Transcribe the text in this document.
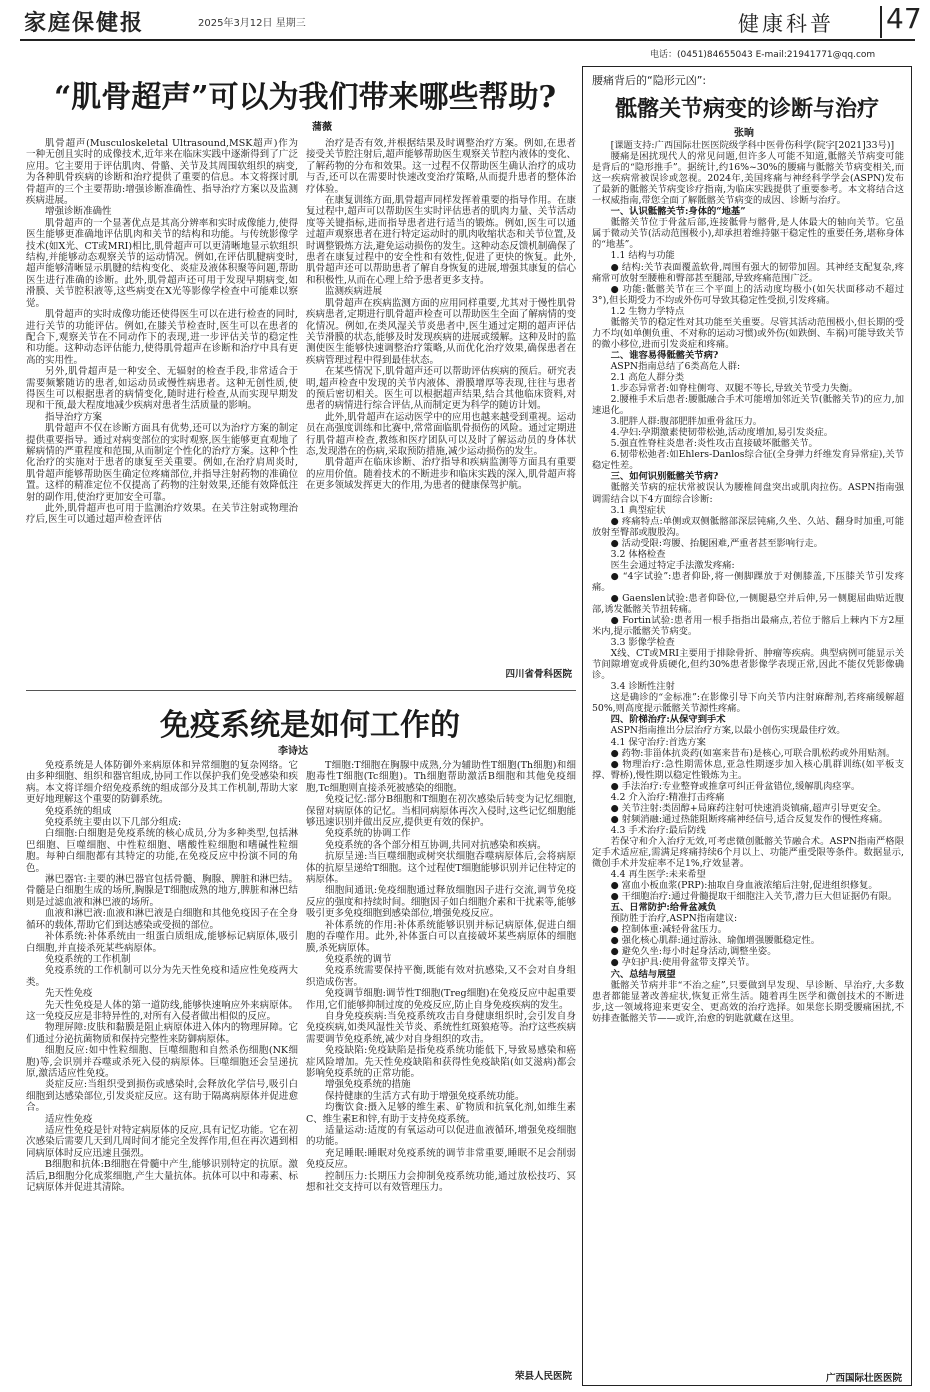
家庭保健报	2025年3月12日 星期三	健康科普 47
电话：(0451)84655043 E-mail:21941771@qq.com
“肌骨超声”可以为我们带来哪些帮助?
蒲薇

肌骨超声(Musculoskeletal Ultrasound,MSK超声)作为一种无创且实时的成像技术,近年来在临床实践中逐渐得到了广泛应用。它主要用于评估肌肉、骨骼、关节及其周围软组织的病变,为各种肌骨疾病的诊断和治疗提供了重要的信息。本文将探讨肌骨超声的三个主要帮助:增强诊断准确性、指导治疗方案以及监测疾病进展。

增强诊断准确性

肌骨超声的一个显著优点是其高分辨率和实时成像能力,使得医生能够更准确地评估肌肉和关节的结构和功能。与传统影像学技术(如X光、CT或MRI)相比,肌骨超声可以更清晰地显示软组织结构,并能够动态观察关节的运动情况。例如,在评估肌腱病变时,超声能够清晰显示肌腱的结构变化、炎症及液体积聚等问题,帮助医生进行准确的诊断。此外,肌骨超声还可用于发现早期病变,如滑膜、关节腔积液等,这些病变在X光等影像学检查中可能难以察觉。

肌骨超声的实时成像功能还使得医生可以在进行检查的同时,进行关节的功能评估。例如,在膝关节检查时,医生可以在患者的配合下,观察关节在不同动作下的表现,进一步评估关节的稳定性和功能。这种动态评估能力,使得肌骨超声在诊断和治疗中具有更高的实用性。

另外,肌骨超声是一种安全、无辐射的检查手段,非常适合于需要频繁随访的患者,如运动员或慢性病患者。这种无创性质,使得医生可以根据患者的病情变化,随时进行检查,从而实现早期发现和干预,最大程度地减少疾病对患者生活质量的影响。

指导治疗方案

肌骨超声不仅在诊断方面具有优势,还可以为治疗方案的制定提供重要指导。通过对病变部位的实时观察,医生能够更直观地了解病情的严重程度和范围,从而制定个性化的治疗方案。这种个性化治疗的实施对于患者的康复至关重要。例如,在治疗肩周炎时,肌骨超声能够帮助医生确定位疼痛部位,并指导注射药物的准确位置。这样的精准定位不仅提高了药物的注射效果,还能有效降低注射的副作用,使治疗更加安全可靠。

此外,肌骨超声也可用于监测治疗效果。在关节注射或物理治疗后,医生可以通过超声检查评估

治疗是否有效,并根据结果及时调整治疗方案。例如,在患者接受关节腔注射后,超声能够帮助医生观察关节腔内液体的变化、了解药物的分布和效果。这一过程不仅帮助医生确认治疗的成功与否,还可以在需要时快速改变治疗策略,从而提升患者的整体治疗体验。

在康复训练方面,肌骨超声同样发挥着重要的指导作用。在康复过程中,超声可以帮助医生实时评估患者的肌肉力量、关节活动度等关键指标,进而指导患者进行适当的锻炼。例如,医生可以通过超声观察患者在进行特定运动时的肌肉收缩状态和关节位置,及时调整锻炼方法,避免运动损伤的发生。这种动态反馈机制确保了患者在康复过程中的安全性和有效性,促进了更快的恢复。此外,肌骨超声还可以帮助患者了解自身恢复的进展,增强其康复的信心和积极性,从而在心理上给予患者更多支持。

监测疾病进展

肌骨超声在疾病监测方面的应用同样重要,尤其对于慢性肌骨疾病患者,定期进行肌骨超声检查可以帮助医生全面了解病情的变化情况。例如,在类风湿关节炎患者中,医生通过定期的超声评估关节滑膜的状态,能够及时发现疾病的进展或缓解。这种及时的监测使医生能够快速调整治疗策略,从而优化治疗效果,确保患者在疾病管理过程中得到最佳状态。

在某些情况下,肌骨超声还可以帮助评估疾病的预后。研究表明,超声检查中发现的关节内液体、滑膜增厚等表现,往往与患者的预后密切相关。医生可以根据超声结果,结合其他临床资料,对患者的病情进行综合评估,从而制定更为科学的随访计划。

此外,肌骨超声在运动医学中的应用也越来越受到重视。运动员在高强度训练和比赛中,常常面临肌骨损伤的风险。通过定期进行肌骨超声检查,教练和医疗团队可以及时了解运动员的身体状态,发现潜在的伤病,采取预防措施,减少运动损伤的发生。

肌骨超声在临床诊断、治疗指导和疾病监测等方面具有重要的应用价值。随着技术的不断进步和临床实践的深入,肌骨超声将在更多领域发挥更大的作用,为患者的健康保驾护航。

四川省骨科医院
免疫系统是如何工作的
李诗达

免疫系统是人体防御外来病原体和异常细胞的复杂网络。它由多种细胞、组织和器官组成,协同工作以保护我们免受感染和疾病。本文将详细介绍免疫系统的组成部分及其工作机制,帮助大家更好地理解这个重要的防御系统。

免疫系统的组成

免疫系统主要由以下几部分组成:

白细胞:白细胞是免疫系统的核心成员,分为多种类型,包括淋巴细胞、巨噬细胞、中性粒细胞、嗜酸性粒细胞和嗜碱性粒细胞。每种白细胞都有其特定的功能,在免疫反应中扮演不同的角色。

淋巴器官:主要的淋巴器官包括骨髓、胸腺、脾脏和淋巴结。骨髓是白细胞生成的场所,胸腺是T细胞成熟的地方,脾脏和淋巴结则是过滤血液和淋巴液的场所。

血液和淋巴液:血液和淋巴液是白细胞和其他免疫因子在全身循环的载体,帮助它们到达感染或受损的部位。

补体系统:补体系统由一组蛋白质组成,能够标记病原体,吸引白细胞,并直接杀死某些病原体。

免疫系统的工作机制

免疫系统的工作机制可以分为先天性免疫和适应性免疫两大类。

先天性免疫

先天性免疫是人体的第一道防线,能够快速响应外来病原体。这一免疫反应是非特异性的,对所有入侵者做出相似的反应。

物理屏障:皮肤和黏膜是阻止病原体进入体内的物理屏障。它们通过分泌抗菌物质和保持完整性来防御病原体。

细胞反应:如中性粒细胞、巨噬细胞和自然杀伤细胞(NK细胞)等,会识别并吞噬或杀死入侵的病原体。巨噬细胞还会呈递抗原,激活适应性免疫。

炎症反应:当组织受到损伤或感染时,会释放化学信号,吸引白细胞到达感染部位,引发炎症反应。这有助于隔离病原体并促进愈合。

适应性免疫

适应性免疫是针对特定病原体的反应,具有记忆功能。它在初次感染后需要几天到几周时间才能完全发挥作用,但在再次遇到相同病原体时反应迅速且强烈。

B细胞和抗体:B细胞在骨髓中产生,能够识别特定的抗原。激活后,B细胞分化成浆细胞,产生大量抗体。抗体可以中和毒素、标记病原体并促进其清除。

T细胞:T细胞在胸腺中成熟,分为辅助性T细胞(Th细胞)和细胞毒性T细胞(Tc细胞)。Th细胞帮助激活B细胞和其他免疫细胞,Tc细胞则直接杀死被感染的细胞。

免疫记忆:部分B细胞和T细胞在初次感染后转变为记忆细胞,保留对病原体的记忆。当相同病原体再次入侵时,这些记忆细胞能够迅速识别并做出反应,提供更有效的保护。

免疫系统的协调工作

免疫系统的各个部分相互协调,共同对抗感染和疾病。

抗原呈递:当巨噬细胞或树突状细胞吞噬病原体后,会将病原体的抗原呈递给T细胞。这个过程使T细胞能够识别并记住特定的病原体。

细胞间通讯:免疫细胞通过释放细胞因子进行交流,调节免疫反应的强度和持续时间。细胞因子如白细胞介素和干扰素等,能够吸引更多免疫细胞到感染部位,增强免疫反应。

补体系统的作用:补体系统能够识别并标记病原体,促进白细胞的吞噬作用。此外,补体蛋白可以直接破坏某些病原体的细胞膜,杀死病原体。

免疫系统的调节

免疫系统需要保持平衡,既能有效对抗感染,又不会对自身组织造成伤害。

免疫调节细胞:调节性T细胞(Treg细胞)在免疫反应中起重要作用,它们能够抑制过度的免疫反应,防止自身免疫疾病的发生。

自身免疫疾病:当免疫系统攻击自身健康组织时,会引发自身免疫疾病,如类风湿性关节炎、系统性红斑狼疮等。治疗这些疾病需要调节免疫系统,减少对自身组织的攻击。

免疫缺陷:免疫缺陷是指免疫系统功能低下,导致易感染和癌症风险增加。先天性免疫缺陷和获得性免疫缺陷(如艾滋病)都会影响免疫系统的正常功能。

增强免疫系统的措施

保持健康的生活方式有助于增强免疫系统功能。

均衡饮食:摄入足够的维生素、矿物质和抗氧化剂,如维生素C、维生素E和锌,有助于支持免疫系统。

适量运动:适度的有氧运动可以促进血液循环,增强免疫细胞的功能。

充足睡眠:睡眠对免疫系统的调节非常重要,睡眠不足会削弱免疫反应。

控制压力:长期压力会抑制免疫系统功能,通过放松技巧、冥想和社交支持可以有效管理压力。

荣县人民医院
腰痛背后的“隐形元凶”:
骶髂关节病变的诊断与治疗
张晌

[课题支持:广西国际壮医医院级学科中医骨伤科学(院字[2021]33号)]

腰痛是困扰现代人的常见问题,但许多人可能不知道,骶髂关节病变可能是背后的“隐形推手”。据统计,约16%~30%的腰痛与骶髂关节病变相关,而这一疾病常被误诊或忽视。2024年,美国疼痛与神经科学学会(ASPN)发布了最新的骶髂关节病变诊疗指南,为临床实践提供了重要参考。本文将结合这一权威指南,带您全面了解骶髂关节病变的成因、诊断与治疗。

一、认识骶髂关节:身体的“地基”

骶髂关节位于骨盆后部,连接骶骨与髂骨,是人体最大的轴向关节。它虽属于微动关节(活动范围极小),却承担着维持躯干稳定性的重要任务,堪称身体的“地基”。

1.1 结构与功能

● 结构:关节表面覆盖软骨,周围有强大的韧带加固。其神经支配复杂,疼痛常可放射至腰椎和臀部甚至腿部,导致疼痛范围广泛。

● 功能:骶髂关节在三个平面上的活动度均极小(如矢状面移动不超过3°),但长期受力不均或外伤可导致其稳定性受损,引发疼痛。

1.2 生物力学特点

骶髂关节的稳定性对其功能至关重要。尽管其活动范围极小,但长期的受力不均(如单侧负重、不对称的运动习惯)或外伤(如跌倒、车祸)可能导致关节的微小移位,进而引发炎症和疼痛。

二、谁容易得骶髂关节病?

ASPN指南总结了6类高危人群:

2.1 高危人群分类

1.步态异常者:如脊柱侧弯、双腿不等长,导致关节受力失衡。

2.腰椎手术后患者:腰骶融合手术可能增加邻近关节(骶髂关节)的应力,加速退化。

3.肥胖人群:腹部肥胖加重骨盆压力。

4.孕妇:孕期激素使韧带松弛,活动度增加,易引发炎症。

5.强直性脊柱炎患者:炎性攻击直接破坏骶髂关节。

6.韧带松弛者:如Ehlers-Danlos综合征(全身弹力纤维发育异常症),关节稳定性差。

三、如何识别骶髂关节病?

骶髂关节病的症状常被误认为腰椎间盘突出或肌肉拉伤。ASPN指南强调需结合以下4方面综合诊断:

3.1 典型症状

● 疼痛特点:单侧或双侧骶髂部深层钝痛,久坐、久站、翻身时加重,可能放射至臀部或腹股沟。

● 活动受限:弯腰、抬腿困难,严重者甚至影响行走。

3.2 体格检查

医生会通过特定手法激发疼痛:

● “4字试验”:患者仰卧,将一侧脚踝放于对侧膝盖,下压膝关节引发疼痛。

● Gaenslen试验:患者仰卧位,一侧腿悬空并后伸,另一侧腿屈曲贴近腹部,诱发骶髂关节扭转痛。

● Fortin试验:患者用一根手指指出最痛点,若位于髂后上棘内下方2厘米内,提示骶髂关节病变。

3.3 影像学检查

X线、CT或MRI主要用于排除骨折、肿瘤等疾病。典型病例可能显示关节间隙增宽或骨质硬化,但约30%患者影像学表现正常,因此不能仅凭影像确诊。

3.4 诊断性注射

这是确诊的“金标准”:在影像引导下向关节内注射麻醉剂,若疼痛缓解超50%,则高度提示骶髂关节源性疼痛。

四、阶梯治疗:从保守到手术

ASPN指南推出分层治疗方案,以最小创伤实现最佳疗效。

4.1 保守治疗:首选方案

● 药物:非甾体抗炎药(如塞来昔布)是核心,可联合肌松药或外用贴剂。

● 物理治疗:急性期需休息,亚急性期逐步加入核心肌群训练(如平板支撑、臀桥),慢性期以稳定性锻炼为主。

● 手法治疗:专业整脊或推拿可纠正骨盆错位,缓解肌肉痉挛。

4.2 介入治疗:精准打击疼痛

● 关节注射:类固醇+局麻药注射可快速消炎镇痛,超声引导更安全。

● 射频消融:通过热能阻断疼痛神经信号,适合反复发作的慢性疼痛。

4.3 手术治疗:最后防线

若保守和介入治疗无效,可考虑微创骶髂关节融合术。ASPN指南严格限定手术适应症,需满足疼痛持续6个月以上、功能严重受限等条件。数据显示,微创手术并发症率不足1%,疗效显著。

4.4 再生医学:未来希望

● 富血小板血浆(PRP):抽取自身血液浓缩后注射,促进组织修复。

● 干细胞治疗:通过骨髓提取干细胞注入关节,潜力巨大但证据仍有限。

五、日常防护:给骨盆减负

预防胜于治疗,ASPN指南建议:

● 控制体重:减轻骨盆压力。

● 强化核心肌群:通过游泳、瑜伽增强腰骶稳定性。

● 避免久坐:每小时起身活动,调整坐姿。

● 孕妇护具:使用骨盆带支撑关节。

六、总结与展望

骶髂关节病并非“不治之症”,只要做到早发现、早诊断、早治疗,大多数患者都能显著改善症状,恢复正常生活。随着再生医学和微创技术的不断进步,这一领域将迎来更安全、更高效的治疗选择。如果您长期受腰痛困扰,不妨排查骶髂关节——或许,治愈的钥匙就藏在这里。

广西国际壮医医院
